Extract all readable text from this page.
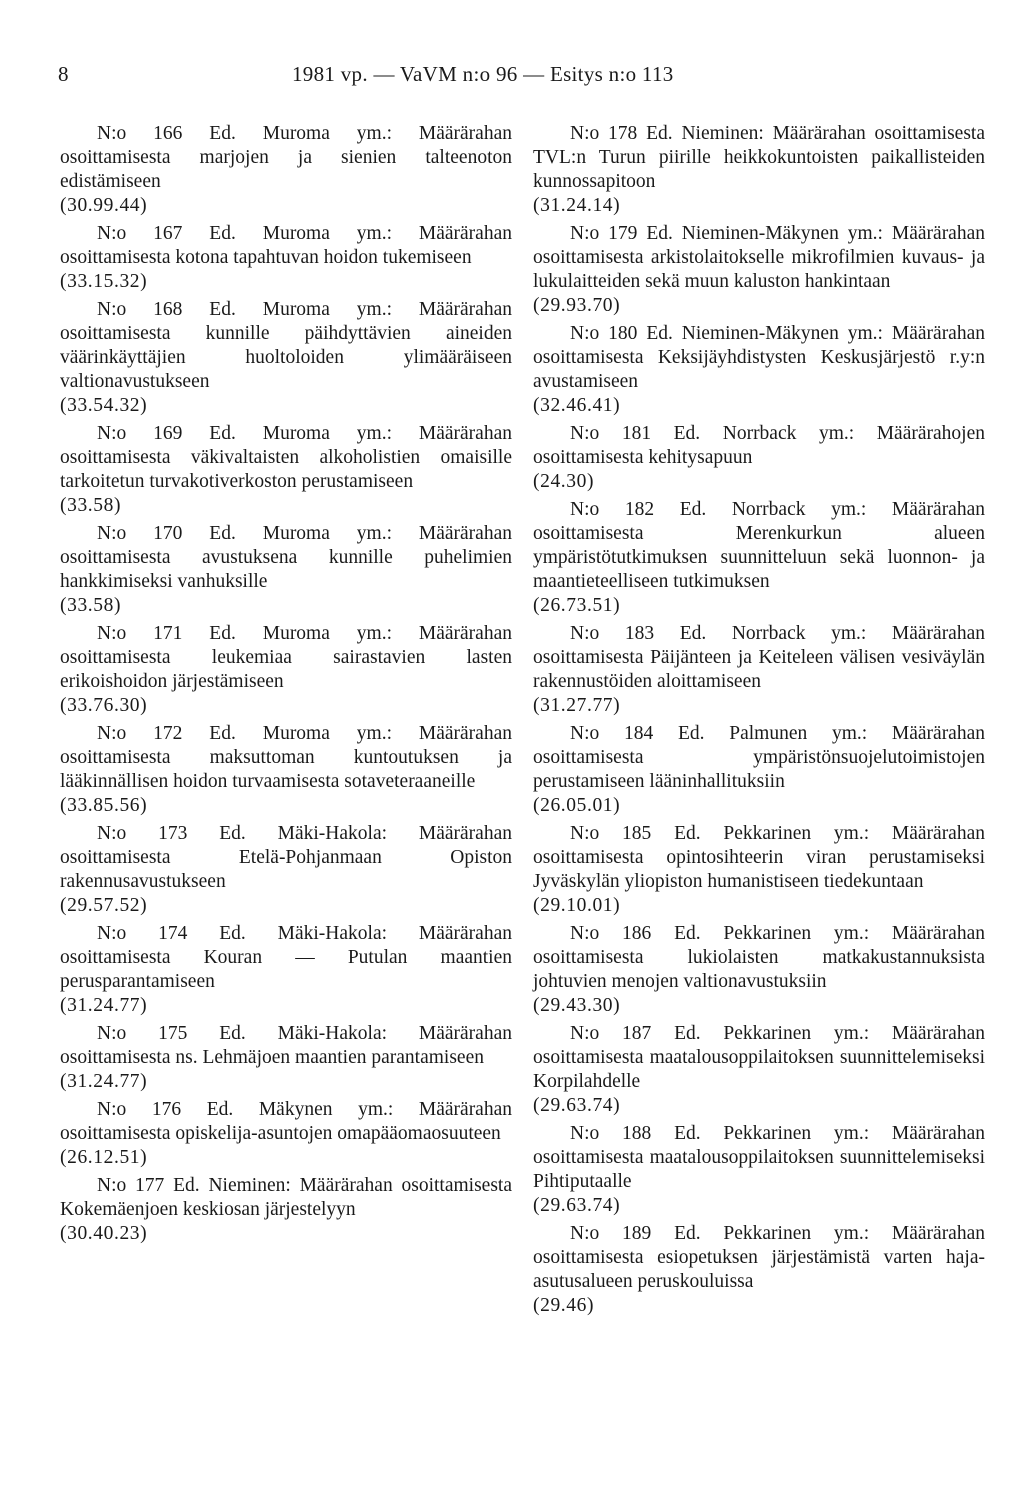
8	1981 vp. — VaVM n:o 96 — Esitys n:o 113

N:o 166 Ed. Muroma ym.: Määrärahan osoittamisesta marjojen ja sienien talteenoton edistämiseen

(30.99.44)

N:o 167 Ed. Muroma ym.: Määrärahan osoittamisesta kotona tapahtuvan hoidon tukemiseen

(33.15.32)

N:o 168 Ed. Muroma ym.: Määrärahan osoittamisesta kunnille päihdyttävien aineiden väärinkäyttäjien huoltoloiden ylimääräiseen valtionavustukseen

(33.54.32)

N:o 169 Ed. Muroma ym.: Määrärahan osoittamisesta väkivaltaisten alkoholistien omaisille tarkoitetun turvakotiverkoston perustamiseen

(33.58)

N:o 170 Ed. Muroma ym.: Määrärahan osoittamisesta avustuksena kunnille puhelimien hankkimiseksi vanhuksille

(33.58)

N:o 171 Ed. Muroma ym.: Määrärahan osoittamisesta leukemiaa sairastavien lasten erikoishoidon järjestämiseen

(33.76.30)

N:o 172 Ed. Muroma ym.: Määrärahan osoittamisesta maksuttoman kuntoutuksen ja lääkinnällisen hoidon turvaamisesta sotaveteraaneille

(33.85.56)

N:o 173 Ed. Mäki-Hakola: Määrärahan osoittamisesta Etelä-Pohjanmaan Opiston rakennusavustukseen

(29.57.52)

N:o 174 Ed. Mäki-Hakola: Määrärahan osoittamisesta Kouran — Putulan maantien perusparantamiseen

(31.24.77)

N:o 175 Ed. Mäki-Hakola: Määrärahan osoittamisesta ns. Lehmäjoen maantien parantamiseen

(31.24.77)

N:o 176 Ed. Mäkynen ym.: Määrärahan osoittamisesta opiskelija-asuntojen omapääomaosuuteen

(26.12.51)

N:o 177 Ed. Nieminen: Määrärahan osoittamisesta Kokemäenjoen keskiosan järjestelyyn

(30.40.23)

N:o 178 Ed. Nieminen: Määrärahan osoittamisesta TVL:n Turun piirille heikkokuntoisten paikallisteiden kunnossapitoon

(31.24.14)

N:o 179 Ed. Nieminen-Mäkynen ym.: Määrärahan osoittamisesta arkistolaitokselle mikrofilmien kuvaus- ja lukulaitteiden sekä muun kaluston hankintaan

(29.93.70)

N:o 180 Ed. Nieminen-Mäkynen ym.: Määrärahan osoittamisesta Keksijäyhdistysten Keskusjärjestö r.y:n avustamiseen

(32.46.41)

N:o 181 Ed. Norrback ym.: Määrärahojen osoittamisesta kehitysapuun

(24.30)

N:o 182 Ed. Norrback ym.: Määrärahan osoittamisesta Merenkurkun alueen ympäristötutkimuksen suunnitteluun sekä luonnon- ja maantieteelliseen tutkimuksen

(26.73.51)

N:o 183 Ed. Norrback ym.: Määrärahan osoittamisesta Päijänteen ja Keiteleen välisen vesiväylän rakennustöiden aloittamiseen

(31.27.77)

N:o 184 Ed. Palmunen ym.: Määrärahan osoittamisesta ympäristönsuojelutoimistojen perustamiseen lääninhallituksiin

(26.05.01)

N:o 185 Ed. Pekkarinen ym.: Määrärahan osoittamisesta opintosihteerin viran perustamiseksi Jyväskylän yliopiston humanistiseen tiedekuntaan

(29.10.01)

N:o 186 Ed. Pekkarinen ym.: Määrärahan osoittamisesta lukiolaisten matkakustannuksista johtuvien menojen valtionavustuksiin

(29.43.30)

N:o 187 Ed. Pekkarinen ym.: Määrärahan osoittamisesta maatalousoppilaitoksen suunnittelemiseksi Korpilahdelle

(29.63.74)

N:o 188 Ed. Pekkarinen ym.: Määrärahan osoittamisesta maatalousoppilaitoksen suunnittelemiseksi Pihtiputaalle

(29.63.74)

N:o 189 Ed. Pekkarinen ym.: Määrärahan osoittamisesta esiopetuksen järjestämistä varten haja-asutusalueen peruskouluissa

(29.46)
